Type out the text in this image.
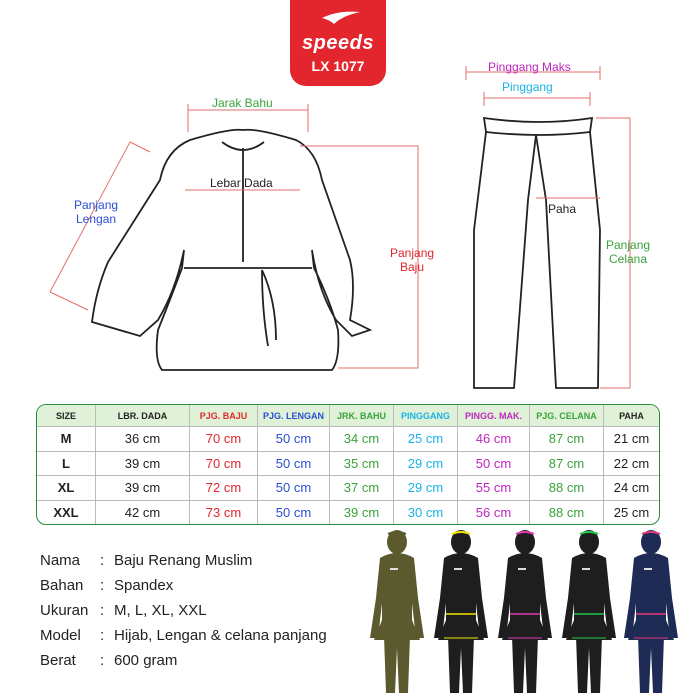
speeds
LX 1077
Jarak Bahu
Lebar Dada
Panjang
Lengan
Panjang
Baju
Pinggang Maks
Pinggang
Paha
Panjang
Celana
SIZE	LBR. DADA	PJG. BAJU	PJG. LENGAN	JRK. BAHU	PINGGANG	PINGG. MAK.	PJG. CELANA	PAHA
M	36 cm	70 cm	50 cm	34 cm	25 cm	46 cm	87 cm	21 cm
L	39 cm	70 cm	50 cm	35 cm	29 cm	50 cm	87 cm	22 cm
XL	39 cm	72 cm	50 cm	37 cm	29 cm	55 cm	88 cm	24 cm
XXL	42 cm	73 cm	50 cm	39 cm	30 cm	56 cm	88 cm	25 cm
Nama	: Baju Renang Muslim
Bahan	: Spandex
Ukuran : M, L, XL, XXL
Model	: Hijab, Lengan & celana panjang
Berat	: 600 gram
